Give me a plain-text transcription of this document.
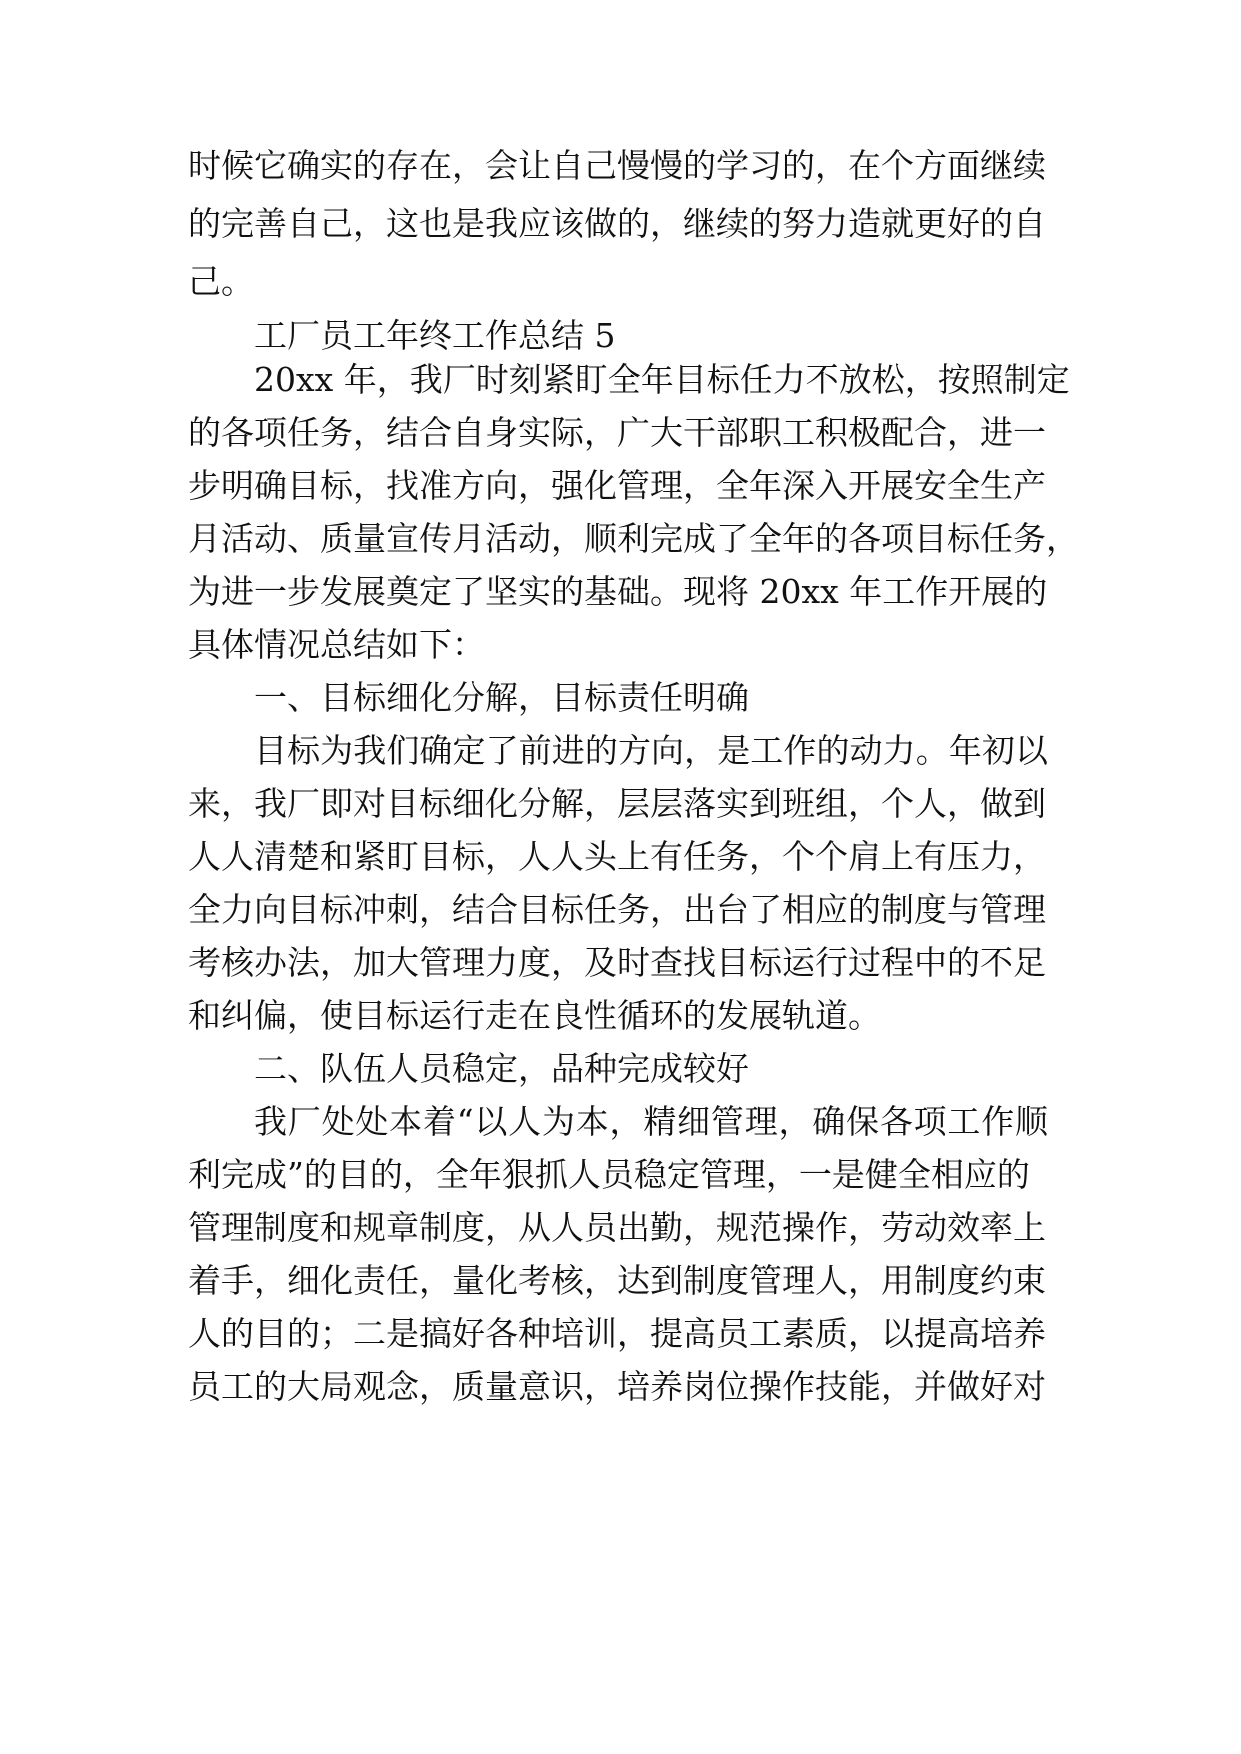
时候它确实的存在，会让自己慢慢的学习的，在个方面继续
的完善自己，这也是我应该做的，继续的努力造就更好的自
己。
工厂员工年终工作总结 5
20xx 年，我厂时刻紧盯全年目标任力不放松，按照制定
的各项任务，结合自身实际，广大干部职工积极配合，进一
步明确目标，找准方向，强化管理，全年深入开展安全生产
月活动、质量宣传月活动，顺利完成了全年的各项目标任务，
为进一步发展奠定了坚实的基础。现将 20xx 年工作开展的
具体情况总结如下：
一、目标细化分解，目标责任明确
目标为我们确定了前进的方向，是工作的动力。年初以
来，我厂即对目标细化分解，层层落实到班组，个人，做到
人人清楚和紧盯目标，人人头上有任务，个个肩上有压力，
全力向目标冲刺，结合目标任务，出台了相应的制度与管理
考核办法，加大管理力度，及时查找目标运行过程中的不足
和纠偏，使目标运行走在良性循环的发展轨道。
二、队伍人员稳定，品种完成较好
我厂处处本着“以人为本，精细管理，确保各项工作顺
利完成”的目的，全年狠抓人员稳定管理，一是健全相应的
管理制度和规章制度，从人员出勤，规范操作，劳动效率上
着手，细化责任，量化考核，达到制度管理人，用制度约束
人的目的；二是搞好各种培训，提高员工素质，以提高培养
员工的大局观念，质量意识，培养岗位操作技能，并做好对
